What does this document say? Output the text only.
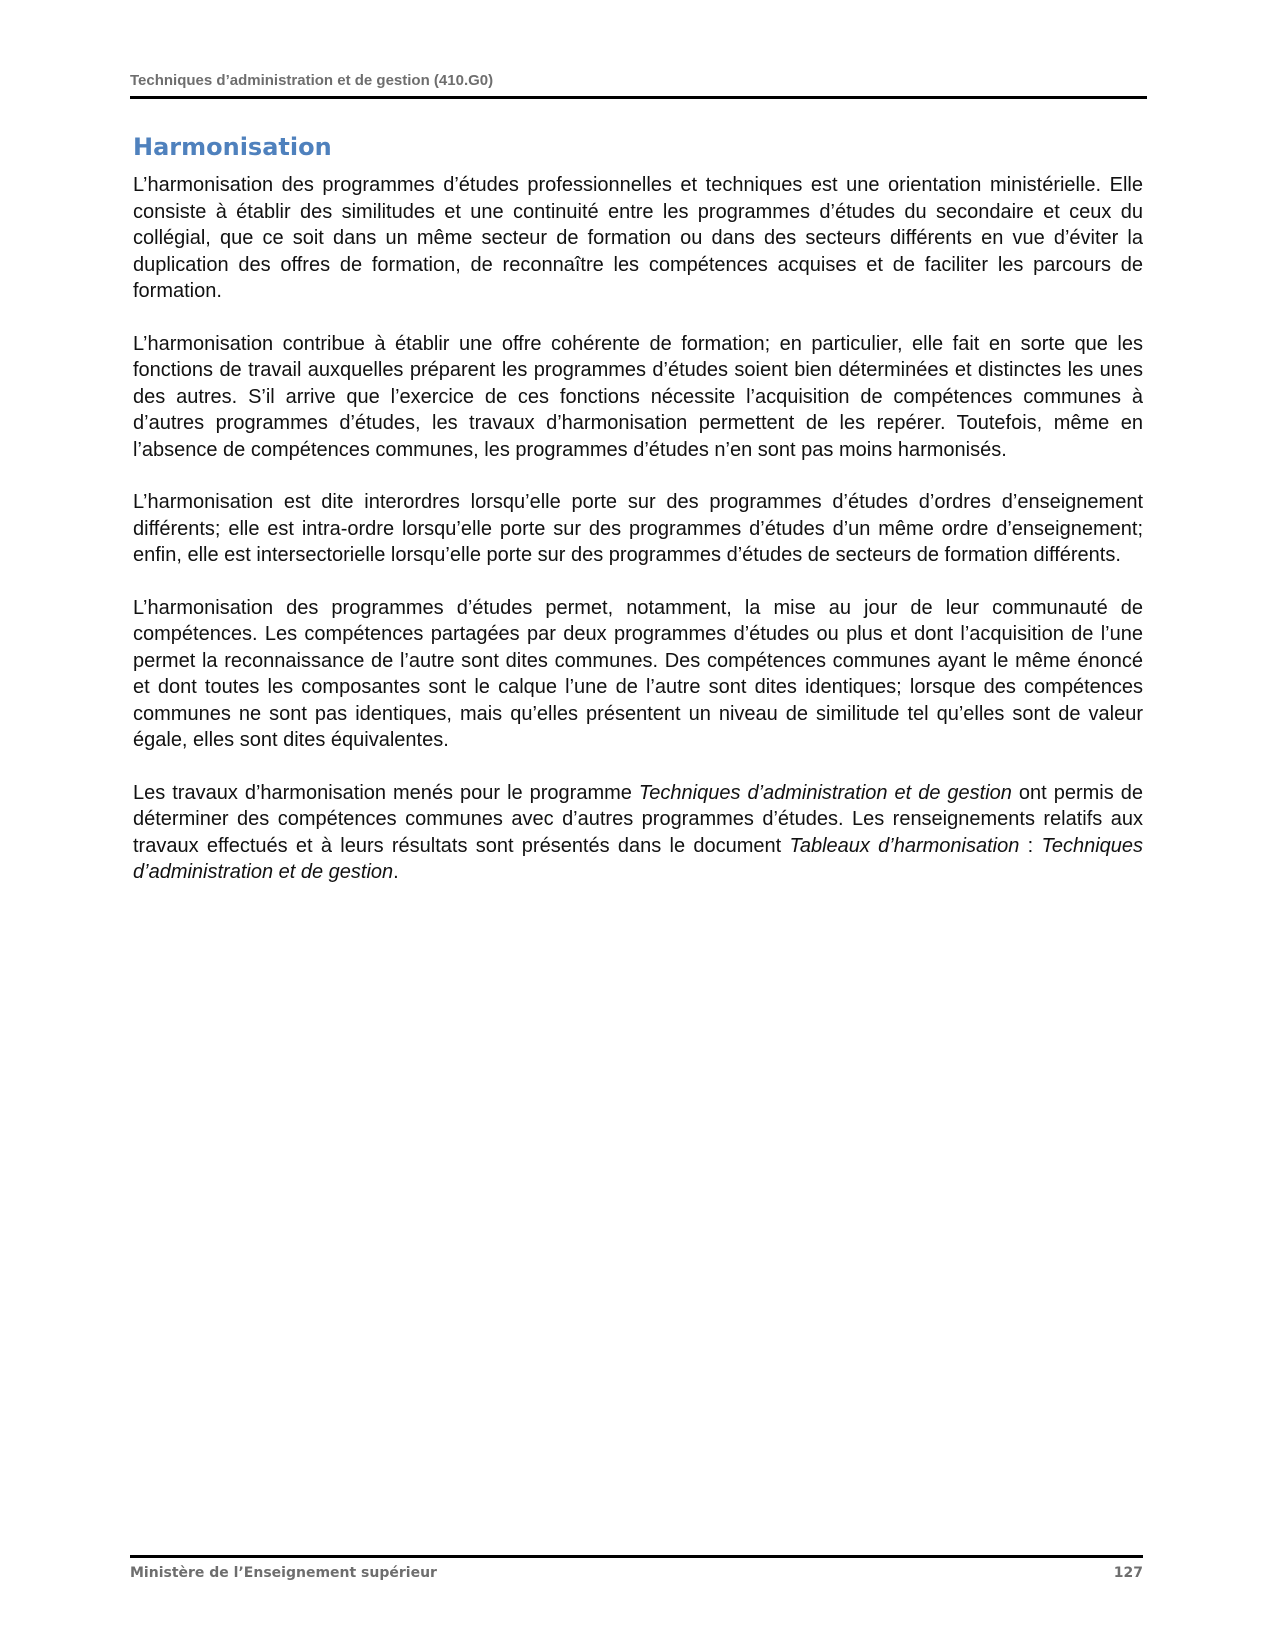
Techniques d’administration et de gestion (410.G0)
Harmonisation

L’harmonisation des programmes d’études professionnelles et techniques est une orientation ministérielle. Elle consiste à établir des similitudes et une continuité entre les programmes d’études du secondaire et ceux du collégial, que ce soit dans un même secteur de formation ou dans des secteurs différents en vue d’éviter la duplication des offres de formation, de reconnaître les compétences acquises et de faciliter les parcours de formation.

L’harmonisation contribue à établir une offre cohérente de formation; en particulier, elle fait en sorte que les fonctions de travail auxquelles préparent les programmes d’études soient bien déterminées et distinctes les unes des autres. S’il arrive que l’exercice de ces fonctions nécessite l’acquisition de compétences communes à d’autres programmes d’études, les travaux d’harmonisation permettent de les repérer. Toutefois, même en l’absence de compétences communes, les programmes d’études n’en sont pas moins harmonisés.

L’harmonisation est dite interordres lorsqu’elle porte sur des programmes d’études d’ordres d’enseignement différents; elle est intra-ordre lorsqu’elle porte sur des programmes d’études d’un même ordre d’enseignement; enfin, elle est intersectorielle lorsqu’elle porte sur des programmes d’études de secteurs de formation différents.

L’harmonisation des programmes d’études permet, notamment, la mise au jour de leur communauté de compétences. Les compétences partagées par deux programmes d’études ou plus et dont l’acquisition de l’une permet la reconnaissance de l’autre sont dites communes. Des compétences communes ayant le même énoncé et dont toutes les composantes sont le calque l’une de l’autre sont dites identiques; lorsque des compétences communes ne sont pas identiques, mais qu’elles présentent un niveau de similitude tel qu’elles sont de valeur égale, elles sont dites équivalentes.

Les travaux d’harmonisation menés pour le programme Techniques d’administration et de gestion ont permis de déterminer des compétences communes avec d’autres programmes d’études. Les renseignements relatifs aux travaux effectués et à leurs résultats sont présentés dans le document Tableaux d’harmonisation : Techniques d’administration et de gestion.

Ministère de l’Enseignement supérieur	127
